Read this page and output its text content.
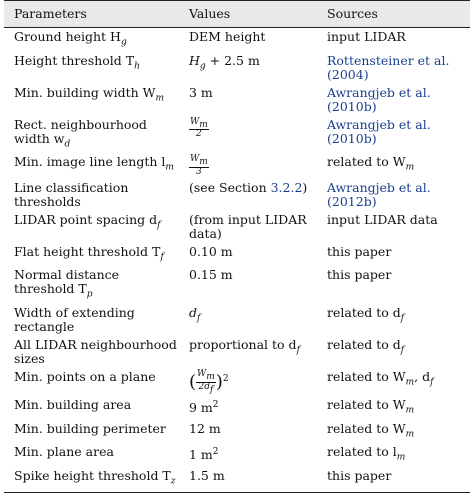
Parameters	Values	Sources
Ground height $H_g$	DEM height	input LIDAR
Height threshold $T_h$	$H_g + 2.5$ m	Rottensteiner et al. (2004)
Min. building width $W_m$	3 m	Awrangjeb et al. (2010b)
Rect. neighbourhood width $w_d$	$\frac{W_m}{2}$	Awrangjeb et al. (2010b)
Min. image line length $l_m$	$\frac{W_m}{3}$	related to $W_m$
Line classification thresholds	(see Section 3.2.2)	Awrangjeb et al. (2012b)
LIDAR point spacing $d_f$	(from input LIDAR data)	input LIDAR data
Flat height threshold $T_f$	0.10 m	this paper
Normal distance threshold $T_p$	0.15 m	this paper
Width of extending rectangle	$d_f$	related to $d_f$
All LIDAR neighbourhood sizes	proportional to $d_f$	related to $d_f$
Min. points on a plane	( $\frac{W_m}{2d_f} )^2$	related to $W_m$, $d_f$
Min. building area	9 $m^2$	related to $W_m$
Min. building perimeter	12 m	related to $W_m$
Min. plane area	1 $m^2$	related to $l_m$
Spike height threshold $T_z$	1.5 m	this paper
